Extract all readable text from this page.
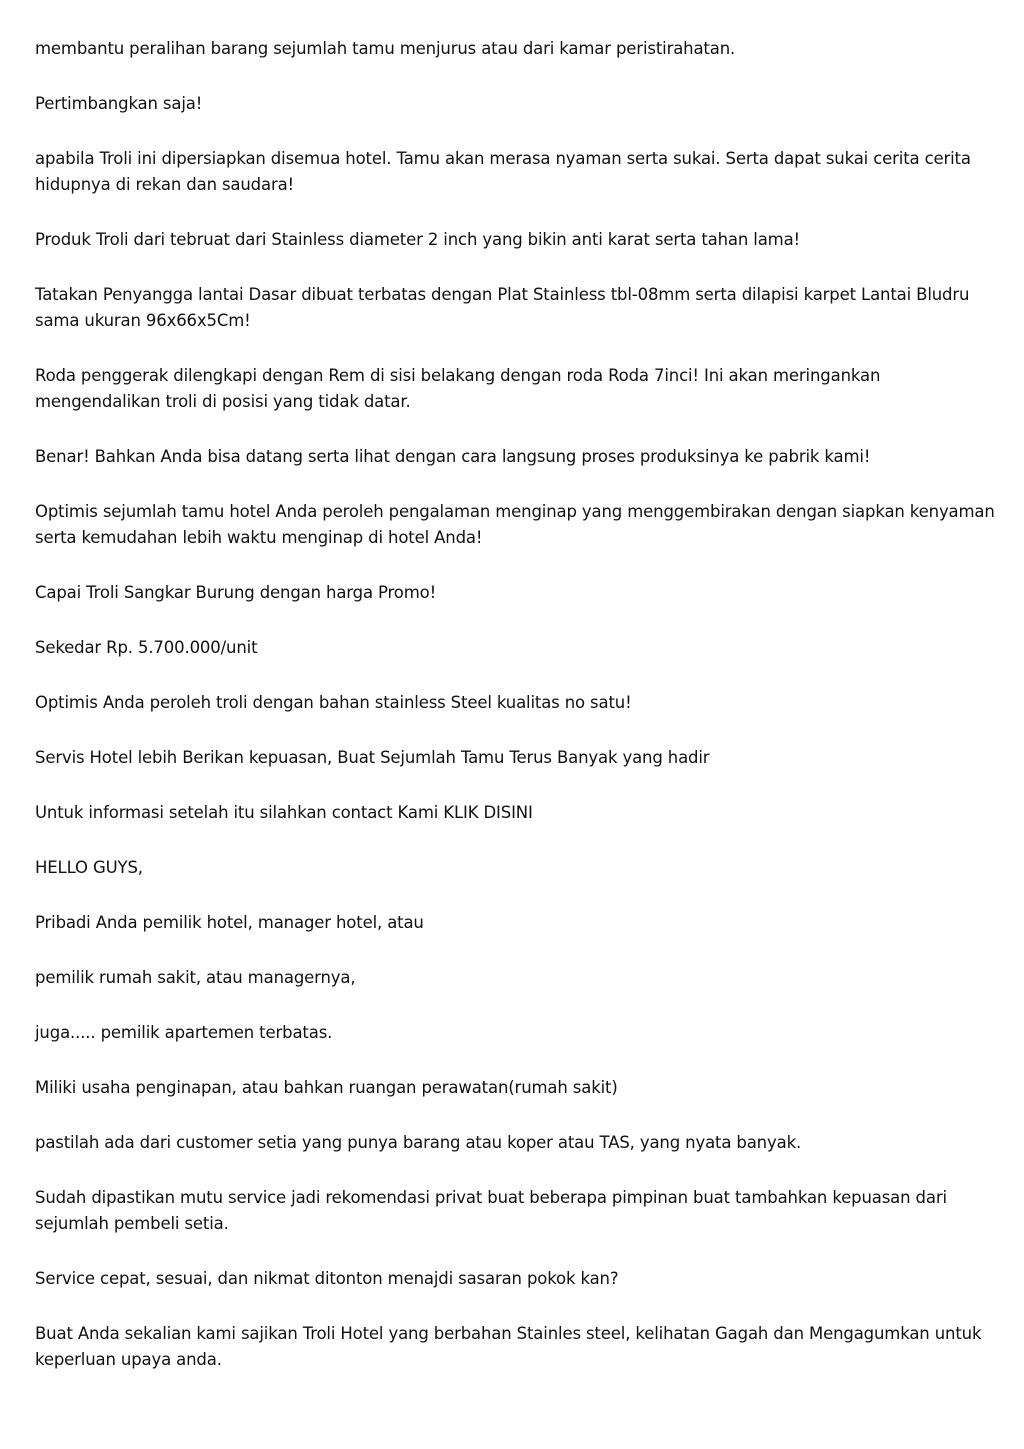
membantu peralihan barang sejumlah tamu menjurus atau dari kamar peristirahatan.

Pertimbangkan saja!

apabila Troli ini dipersiapkan disemua hotel. Tamu akan merasa nyaman serta sukai. Serta dapat sukai cerita cerita hidupnya di rekan dan saudara!

Produk Troli dari tebruat dari Stainless diameter 2 inch yang bikin anti karat serta tahan lama!

Tatakan Penyangga lantai Dasar dibuat terbatas dengan Plat Stainless tbl-08mm serta dilapisi karpet Lantai Bludru sama ukuran 96x66x5Cm!

Roda penggerak dilengkapi dengan Rem di sisi belakang dengan roda Roda 7inci! Ini akan meringankan mengendalikan troli di posisi yang tidak datar.

Benar! Bahkan Anda bisa datang serta lihat dengan cara langsung proses produksinya ke pabrik kami!

Optimis sejumlah tamu hotel Anda peroleh pengalaman menginap yang menggembirakan dengan siapkan kenyaman serta kemudahan lebih waktu menginap di hotel Anda!

Capai Troli Sangkar Burung dengan harga Promo!

Sekedar Rp. 5.700.000/unit

Optimis Anda peroleh troli dengan bahan stainless Steel kualitas no satu!

Servis Hotel lebih Berikan kepuasan, Buat Sejumlah Tamu Terus Banyak yang hadir

Untuk informasi setelah itu silahkan contact Kami KLIK DISINI

HELLO GUYS,

Pribadi Anda pemilik hotel, manager hotel, atau

pemilik rumah sakit, atau managernya,

juga..... pemilik apartemen terbatas.

Miliki usaha penginapan, atau bahkan ruangan perawatan(rumah sakit)

pastilah ada dari customer setia yang punya barang atau koper atau TAS, yang nyata banyak.

Sudah dipastikan mutu service jadi rekomendasi privat buat beberapa pimpinan buat tambahkan kepuasan dari sejumlah pembeli setia.

Service cepat, sesuai, dan nikmat ditonton menajdi sasaran pokok kan?

Buat Anda sekalian kami sajikan Troli Hotel yang berbahan Stainles steel, kelihatan Gagah dan Mengagumkan untuk keperluan upaya anda.
